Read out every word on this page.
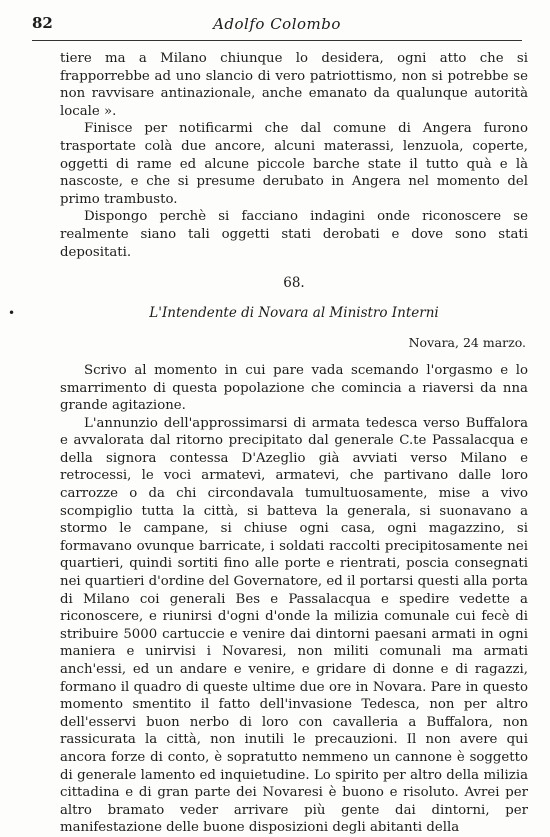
82	Adolfo Colombo

tiere ma a Milano chiunque lo desidera, ogni atto che si frapporrebbe ad uno slancio di vero patriottismo, non si potrebbe se non ravvisare antinazionale, anche emanato da qualunque autorità locale ».

Finisce per notificarmi che dal comune di Angera furono trasportate colà due ancore, alcuni materassi, lenzuola, coperte, oggetti di rame ed alcune piccole barche state il tutto quà e là nascoste, e che si presume derubato in Angera nel momento del primo trambusto.

Dispongo perchè si facciano indagini onde riconoscere se realmente siano tali oggetti stati derobati e dove sono stati depositati.

68.
•	L'Intendente di Novara al Ministro Interni
Novara, 24 marzo.

Scrivo al momento in cui pare vada scemando l'orgasmo e lo smarrimento di questa popolazione che comincia a riaversi da nna grande agitazione.

L'annunzio dell'approssimarsi di armata tedesca verso Buffalora e avvalorata dal ritorno precipitato dal generale C.te Passalacqua e della signora contessa D'Azeglio già avviati verso Milano e retrocessi, le voci armatevi, armatevi, che partivano dalle loro carrozze o da chi circondavala tumultuosamente, mise a vivo scompiglio tutta la città, si batteva la generala, si suonavano a stormo le campane, si chiuse ogni casa, ogni magazzino, si formavano ovunque barricate, i soldati raccolti precipitosamente nei quartieri, quindi sortiti fino alle porte e rientrati, poscia consegnati nei quartieri d'ordine del Governatore, ed il portarsi questi alla porta di Milano coi generali Bes e Passalacqua e spedire vedette a riconoscere, e riunirsi d'ogni d'onde la milizia comunale cui fecè di stribuire 5000 cartuccie e venire dai dintorni paesani armati in ogni maniera e unirvisi i Novaresi, non militi comunali ma armati anch'essi, ed un andare e venire, e gridare di donne e di ragazzi, formano il quadro di queste ultime due ore in Novara. Pare in questo momento smentito il fatto dell'invasione Tedesca, non per altro dell'esservi buon nerbo di loro con cavalleria a Buffalora, non rassicurata la città, non inutili le precauzioni. Il non avere qui ancora forze di conto, è sopratutto nemmeno un cannone è soggetto di generale lamento ed inquietudine. Lo spirito per altro della milizia cittadina e di gran parte dei Novaresi è buono e risoluto. Avrei per altro bramato veder arrivare più gente dai dintorni, per manifestazione delle buone disposizioni degli abitanti della
